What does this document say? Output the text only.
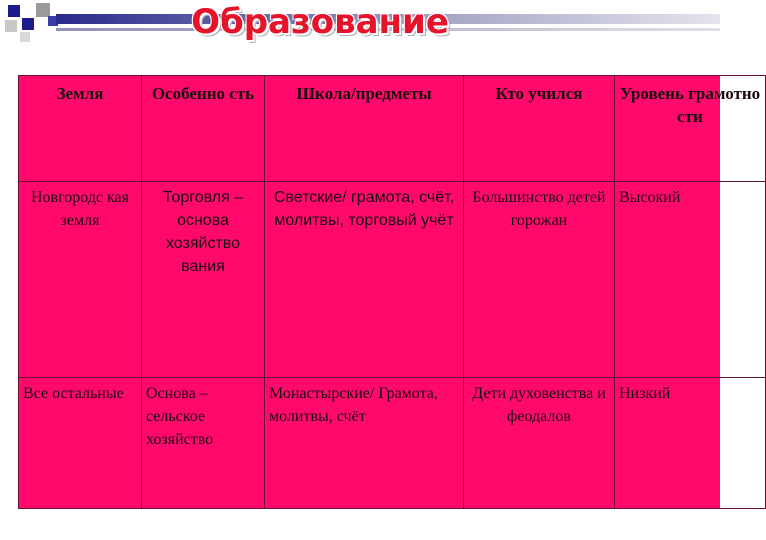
Образование
Земля	Особенно сть	Школа/предметы	Кто учился	Уровень грамотно сти
Новгородс кая земля	Торговля – основа хозяйство вания	Светские/ грамота, счёт, молитвы, торговый учёт	Большинство детей горожан	Высокий
Все остальные	Основа – сельское хозяйство	Монастырские/ Грамота, молитвы, счёт	Дети духовенства и феодалов	Низкий
